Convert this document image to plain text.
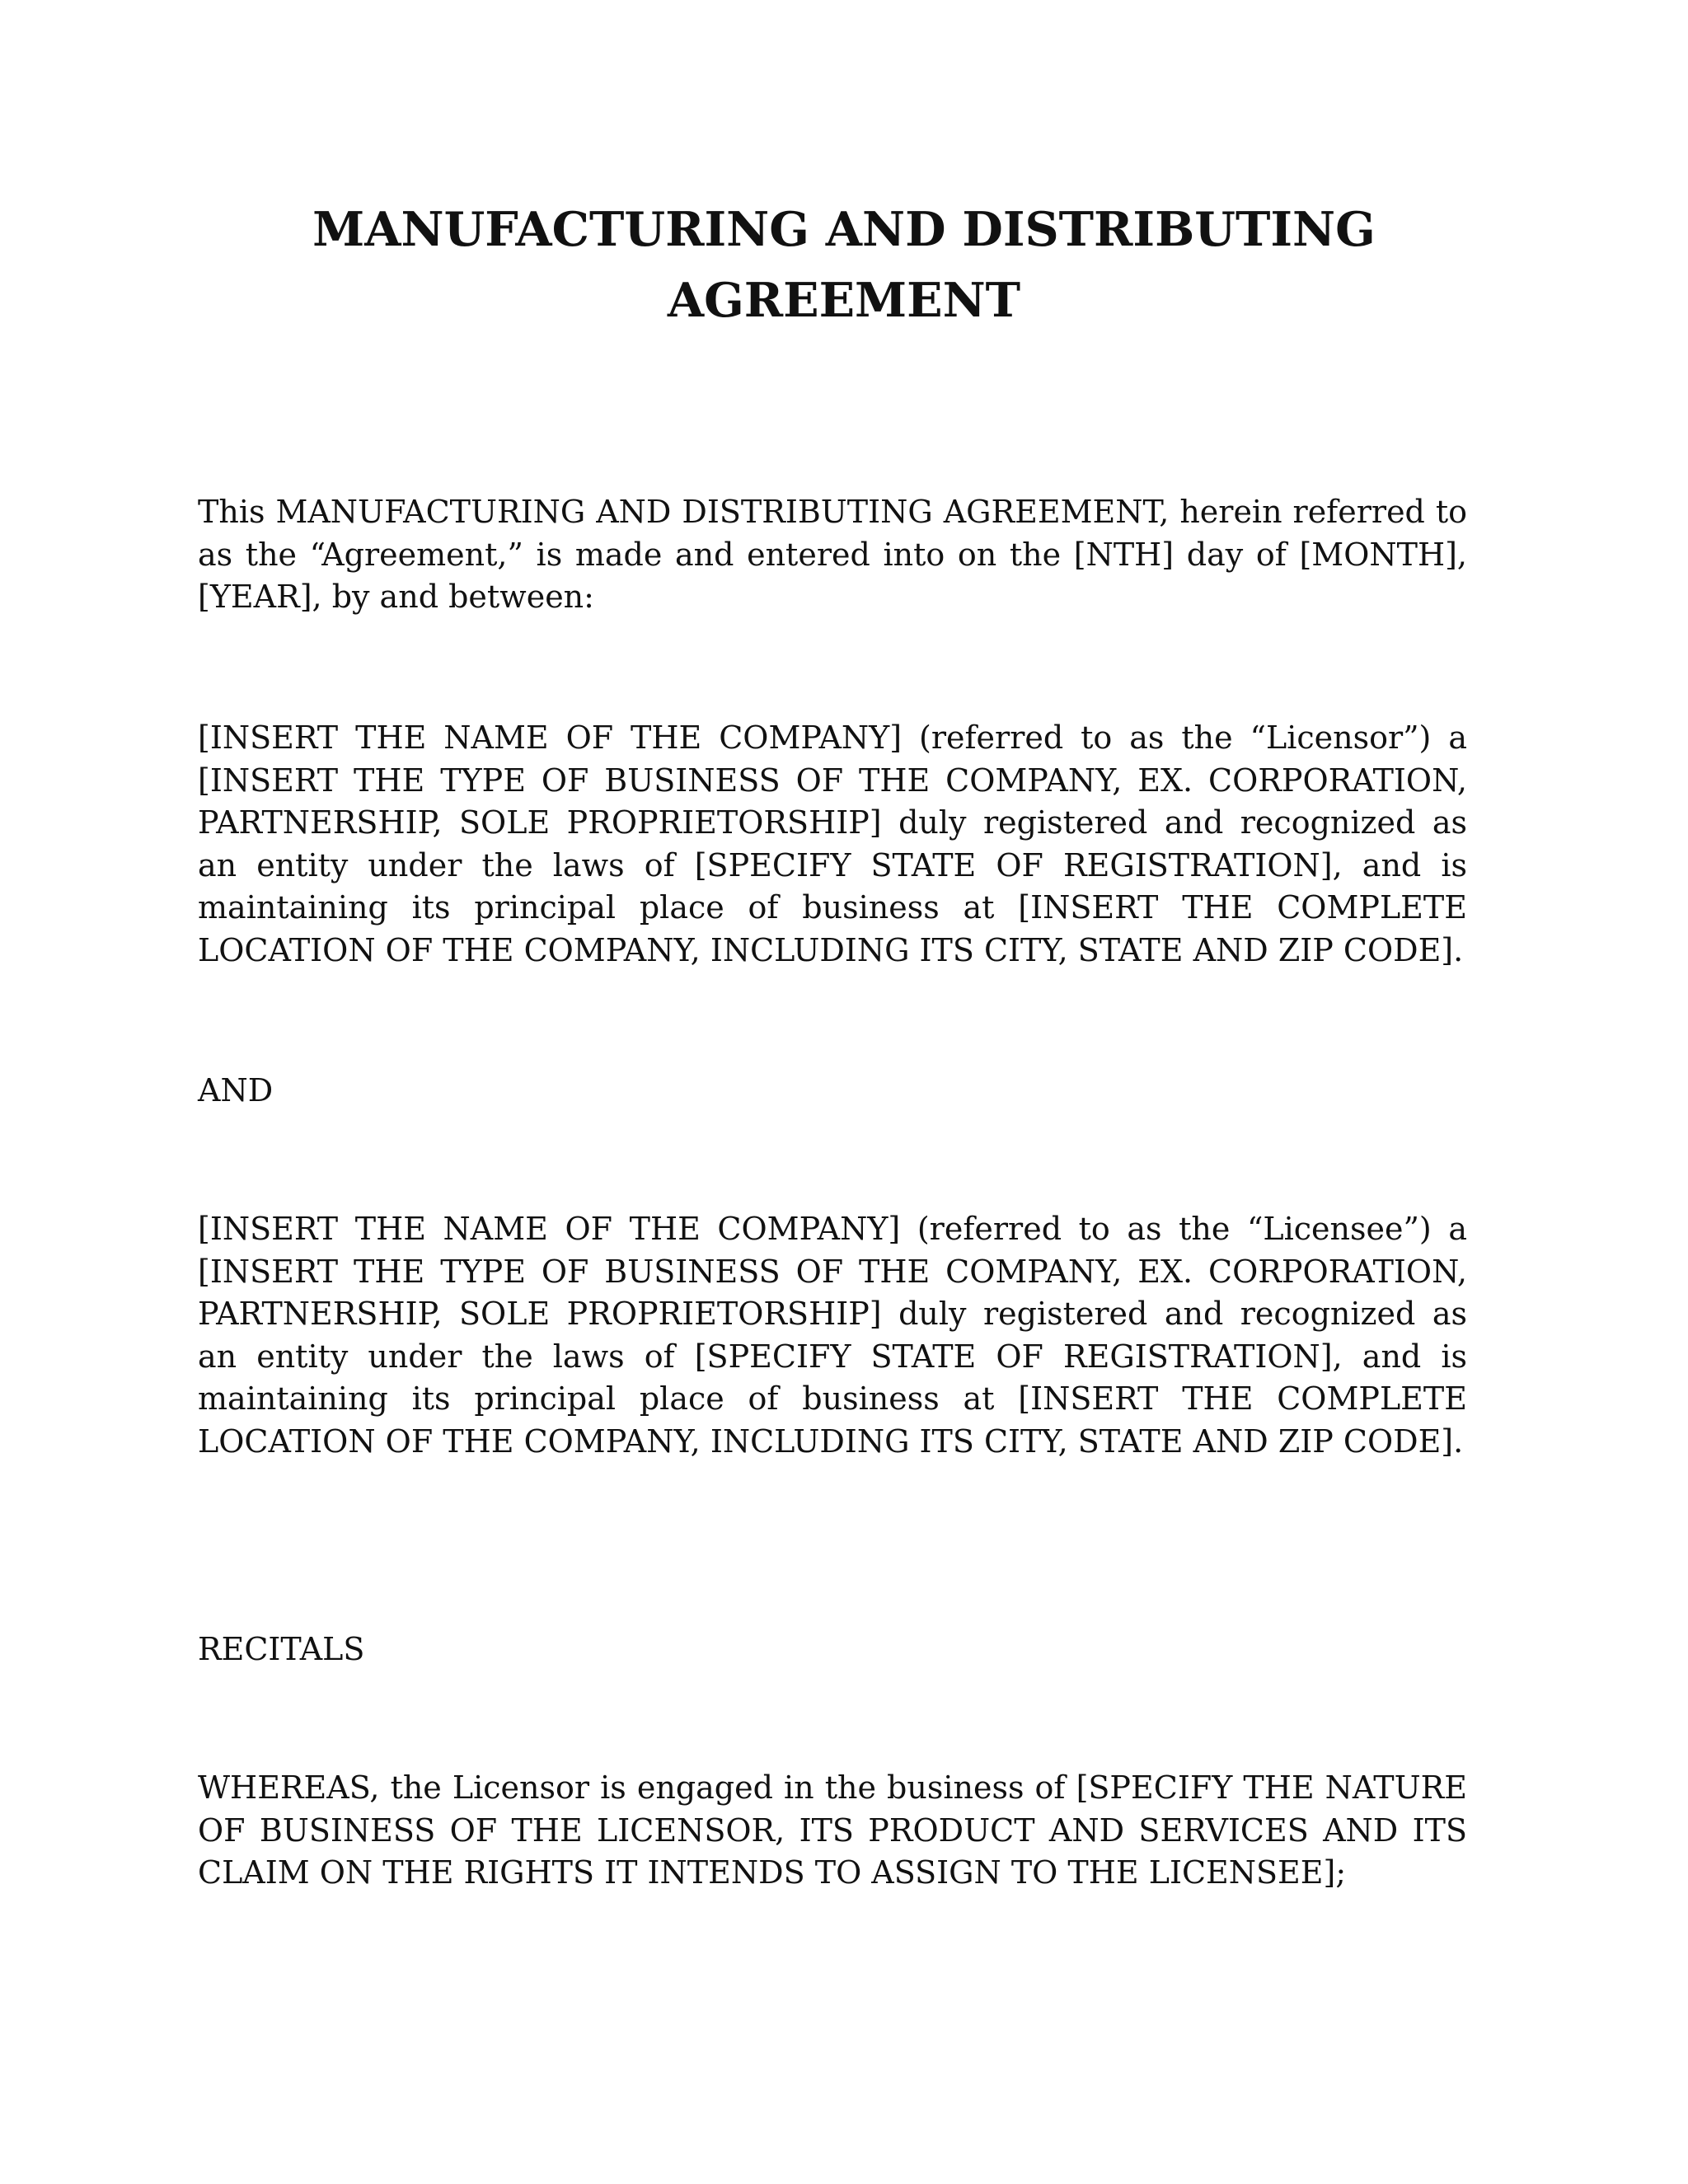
MANUFACTURING AND DISTRIBUTING
AGREEMENT

This MANUFACTURING AND DISTRIBUTING AGREEMENT, herein referred to as the “Agreement,” is made and entered into on the [NTH] day of [MONTH], [YEAR], by and between:

[INSERT THE NAME OF THE COMPANY] (referred to as the “Licensor”) a [INSERT THE TYPE OF BUSINESS OF THE COMPANY, EX. CORPORATION, PARTNERSHIP, SOLE PROPRIETORSHIP] duly registered and recognized as an entity under the laws of [SPECIFY STATE OF REGISTRATION], and is maintaining its principal place of business at [INSERT THE COMPLETE LOCATION OF THE COMPANY, INCLUDING ITS CITY, STATE AND ZIP CODE].

AND

[INSERT THE NAME OF THE COMPANY] (referred to as the “Licensee”) a [INSERT THE TYPE OF BUSINESS OF THE COMPANY, EX. CORPORATION, PARTNERSHIP, SOLE PROPRIETORSHIP] duly registered and recognized as an entity under the laws of [SPECIFY STATE OF REGISTRATION], and is maintaining its principal place of business at [INSERT THE COMPLETE LOCATION OF THE COMPANY, INCLUDING ITS CITY, STATE AND ZIP CODE].

RECITALS

WHEREAS, the Licensor is engaged in the business of [SPECIFY THE NATURE OF BUSINESS OF THE LICENSOR, ITS PRODUCT AND SERVICES AND ITS CLAIM ON THE RIGHTS IT INTENDS TO ASSIGN TO THE LICENSEE];
